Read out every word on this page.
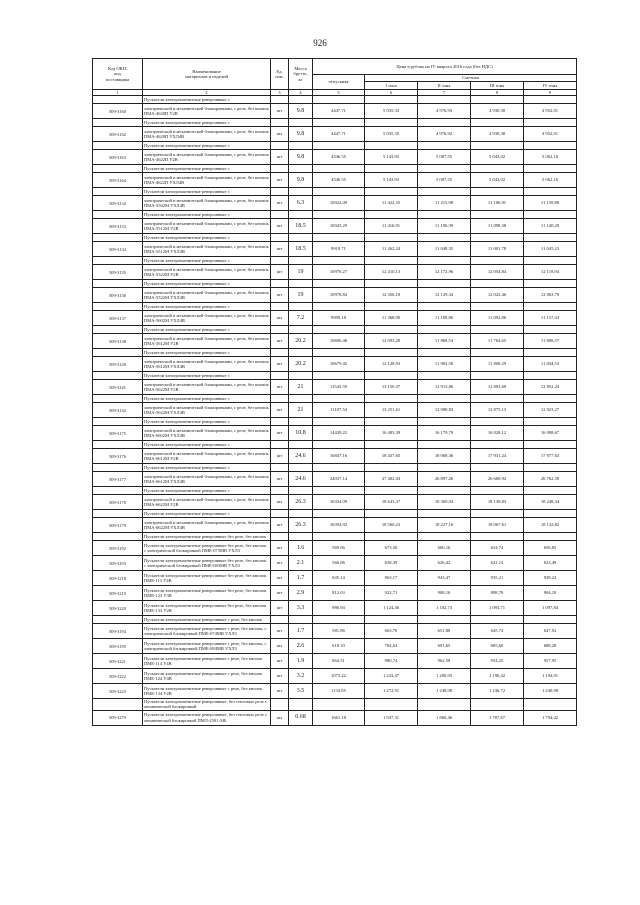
926
Код ОКП,
код
поставщика	Наименование
материалов и изделий	Ед.
изм.	Масса
брутто,
кг	Цена в рублях на IV квартал 2016 года (без НДС)				
				отпускная	Сметная			
					I зона	II зона	III зона	IV зона
1	2	3	4	5	6	7	8	9
	Пускатели электромагнитные реверсивные с							
509-3160	электрической и механической блокировками, с реле, без кнопок ПМА-4620П У2В	шт	9.8	4447.71	5 035,33	4 976,93	4 930,38	4 952,01
	Пускатели электромагнитные реверсивные с							
509-3162	электрической и механической блокировками, с реле, без кнопок ПМА-4620П УХЛ4В	шт	9.8	4447.71	5 035,35	4 976,92	4 930,38	4 952,01
	Пускатели электромагнитные реверсивные с							
509-3163	электрической и механической блокировками, с реле, без кнопок ПМА-4622П У2В	шт	9.8	4546.55	5 143,93	5 087,55	5 043,02	5 062,16
	Пускатели электромагнитные реверсивные с							
509-3164	электрической и механической блокировками, с реле, без кнопок ПМА-4622П УХЛ4В	шт	9.8	4546.55	5 143,93	5 087,55	5 043,02	5 062,16
	Пускатели электромагнитные реверсивные с							
509-3132	электрической и механической блокировками, с реле, без кнопок ПМА-5502М УХЛ4В	шт	6.3	10022.49	11 422,35	11 215,98	11 106,91	11 139,80
	Пускатели электромагнитные реверсивные с							
509-3133	электрической и механической блокировками, с реле, без кнопок ПМА-5512М У2В	шт	18.5	10043.29	11 416,91	11 196,39	11 098,38	11 140,29
	Пускатели электромагнитные реверсивные с							
509-3134	электрической и механической блокировками, с реле, без кнопок ПМА-5512М УХЛ4В	шт	18.5	9919.71	11 262,24	11 048,35	11 001,78	11 045,23
	Пускатели электромагнитные реверсивные с							
509-3135	электрической и механической блокировками, с реле, без кнопок ПМА-5522М У2В	шт	19	10976.27	12 410,13	12 172,96	12 054,84	12 118,94
	Пускатели электромагнитные реверсивные с							
509-3136	электрической и механической блокировками, с реле, без кнопок ПМА-5522М УХЛ4В	шт	19	10978.84	12 356,18	12 129,34	12 022,46	12 063,79
	Пускатели электромагнитные реверсивные с							
509-3137	электрической и механической блокировками, с реле, без кнопок ПМА-5602М УХЛ4В	шт	7.2	9999.18	11 368,90	11 189,86	11 092,86	11 137,43
	Пускатели электромагнитные реверсивные с							
509-3138	электрической и механической блокировками, с реле, без кнопок ПМА-5612М У2В	шт	20.2	10696.46	12 093,28	11 868,54	11 764,65	11 808,57
	Пускатели электромагнитные реверсивные с							
509-3140	электрической и механической блокировками, с реле, без кнопок ПМА-5612М УХЛ4В	шт	20.2	10679.45	12 128,93	11 903,58	11 800,29	11 844,53
	Пускатели электромагнитные реверсивные с							
509-3141	электрической и механической блокировками, с реле, без кнопок ПМА-5622М У2В	шт	21	11543.39	13 150,37	12 913,86	12 803,69	12 852,24
	Пускатели электромагнитные реверсивные с							
509-3142	электрической и механической блокировками, с реле, без кнопок ПМА-5622М УХЛ4В	шт	21	11107.54	13 251,61	12 988,83	12 875,13	12 923,27
	Пускатели электромагнитные реверсивные с							
509-3175	электрической и механической блокировками, с реле, без кнопок ПМА-6602М УХЛ4В	шт	10.8	14439.22	16 483,39	16 179,79	16 028,12	16 098,67
	Пускатели электромагнитные реверсивные с							
509-3176	электрической и механической блокировками, с реле, без кнопок ПМА-6612М У2В	шт	24.6	16847.16	18 437,65	18 068,36	17 931,24	17 977,63
	Пускатели электромагнитные реверсивные с							
509-3177	электрической и механической блокировками, с реле, без кнопок ПМА-6612М УХЛ4В	шт	24.6	24037.14	27 402,04	26 897,26	26 668,92	26 762,58
	Пускатели электромагнитные реверсивные с							
509-3178	электрической и механической блокировками, с реле, без кнопок ПМА-6622М У2В	шт	26.3	16334.09	18 643,37	18 369,04	18 138,83	18 248,34
	Пускатели электромагнитные реверсивные с							
509-3179	электрической и механической блокировками, с реле, без кнопок ПМА-6622М УХЛ4В	шт	26.3	16394.92	18 560,23	18 227,16	18 067,61	18 132,82
	Пускатели электромагнитные реверсивные без реле, без кнопок							
509-3192	Пускатели электромагнитные реверсивные без реле, без кнопок с электрической блокировкой ПМЕ-073МВ УХЛ3	шт	1.6	569.06	673,56	660,16	654,74	656,85
509-3193	Пускатели электромагнитные реверсивные без реле, без кнопок с электрической блокировкой ПМЕ-083МВ УХЛ3	шт	2.1	566.06	638,39	626,42	621,14	623,49
509-3218	Пускатели электромагнитные реверсивные без реле, без кнопок ПМЕ-113 У4В	шт	1.7	845.14	963,17	943,47	935,21	938,24
509-3219	Пускатели электромагнитные реверсивные без реле, без кнопок ПМЕ-123 У3В	шт	2.9	812.03	922,71	908,16	898,70	904,10
509-3220	Пускатели электромагнитные реверсивные без реле, без кнопок ПМЕ-133 У2В	шт	3.3	986.94	1 124,46	1 102,73	1 093,71	1 097,84
	Пускатели электромагнитные реверсивные с реле, без кнопок							
509-3194	Пускатели электромагнитные реверсивные с реле, без кнопок, с электрической блокировкой ПМЕ-074МВ УХЛ3	шт	1.7	581.86	663,70	651,88	645,74	647,92
509-3195	Пускатели электромагнитные реверсивные с реле, без кнопок, с электрической блокировкой ПМЕ-084МВ УХЛ3	шт	2.6	618.10	704,63	691,65	685,60	688,28
509-3221	Пускатели электромагнитные реверсивные с реле, без кнопок ПМЕ-114 У4В	шт	1.9	864.31	980,74	962,58	954,25	957,95
509-3222	Пускатели электромагнитные реверсивные с реле, без кнопок ПМЕ-124 У4В	шт	3.2	1073.22	1 223,47	1 200,93	1 190,42	1 194,91
509-3223	Пускатели электромагнитные реверсивные с реле, без кнопок ПМЕ-134 У2В	шт	3.5	1134.85	1 272,91	1 248,08	1 236,72	1 240,98
	Пускатели электромагнитные реверсивные, без тепловых реле с механической блокировкой							
509-3279	Пускатели электромагнитные реверсивные, без тепловых реле с механической блокировкой ПМЛ-2501 04Б	шт	0.68	1661.18	1 937,31	1 860,46	1 787,67	1 794,42
